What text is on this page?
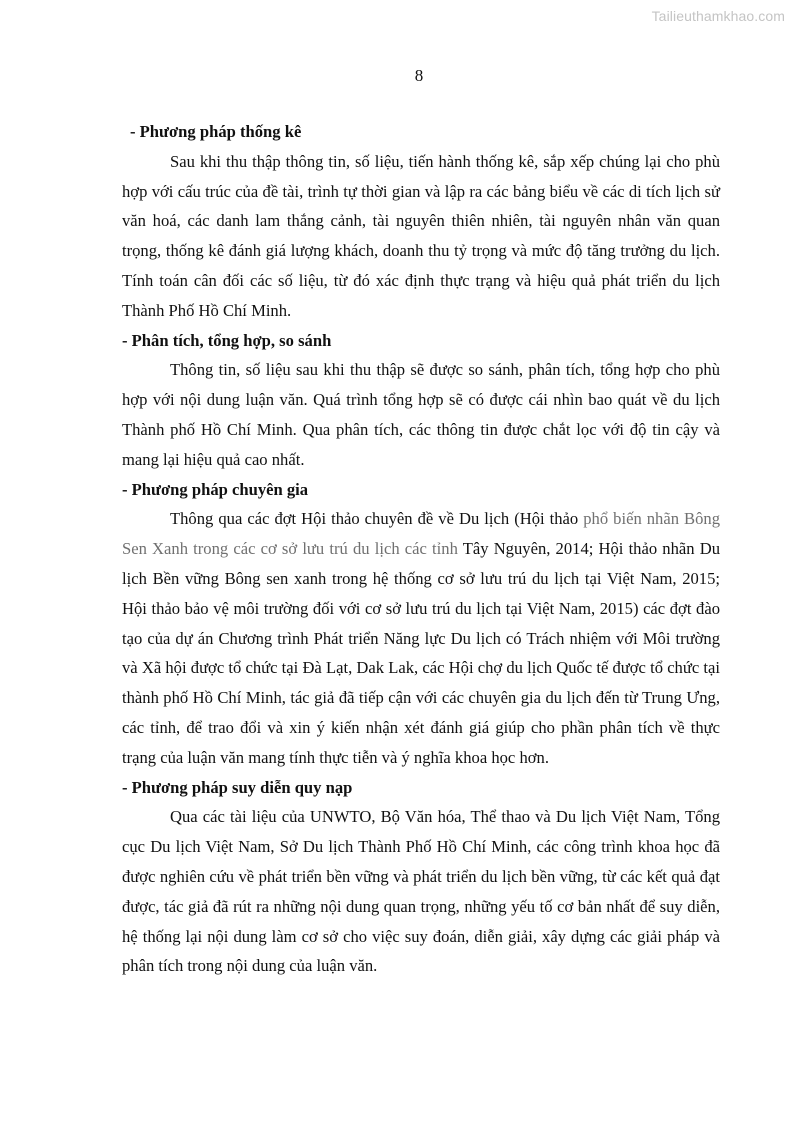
Tailieuthamkhao.com
8

- Phương pháp thống kê

Sau khi thu thập thông tin, số liệu, tiến hành thống kê, sắp xếp chúng lại cho phù hợp với cấu trúc của đề tài, trình tự thời gian và lập ra các bảng biểu về các di tích lịch sử văn hoá, các danh lam thắng cảnh, tài nguyên thiên nhiên, tài nguyên nhân văn quan trọng, thống kê đánh giá lượng khách, doanh thu tỷ trọng và mức độ tăng trưởng du lịch. Tính toán cân đối các số liệu, từ đó xác định thực trạng và hiệu quả phát triển du lịch Thành Phố Hồ Chí Minh.

- Phân tích, tổng hợp, so sánh

Thông tin, số liệu sau khi thu thập sẽ được so sánh, phân tích, tổng hợp cho phù hợp với nội dung luận văn. Quá trình tổng hợp sẽ có được cái nhìn bao quát về du lịch Thành phố Hồ Chí Minh. Qua phân tích, các thông tin được chắt lọc với độ tin cậy và mang lại hiệu quả cao nhất.

- Phương pháp chuyên gia

Thông qua các đợt Hội thảo chuyên đề về Du lịch (Hội thảo phổ biến nhãn Bông Sen Xanh trong các cơ sở lưu trú du lịch các tỉnh Tây Nguyên, 2014; Hội thảo nhãn Du lịch Bền vững Bông sen xanh trong hệ thống cơ sở lưu trú du lịch tại Việt Nam, 2015; Hội thảo bảo vệ môi trường đối với cơ sở lưu trú du lịch tại Việt Nam, 2015) các đợt đào tạo của dự án Chương trình Phát triển Năng lực Du lịch có Trách nhiệm với Môi trường và Xã hội được tổ chức tại Đà Lạt, Dak Lak, các Hội chợ du lịch Quốc tế được tổ chức tại thành phố Hồ Chí Minh, tác giả đã tiếp cận với các chuyên gia du lịch đến từ Trung Ưng, các tỉnh, để trao đổi và xin ý kiến nhận xét đánh giá giúp cho phần phân tích về thực trạng của luận văn mang tính thực tiễn và ý nghĩa khoa học hơn.

- Phương pháp suy diễn quy nạp

Qua các tài liệu của UNWTO, Bộ Văn hóa, Thể thao và Du lịch Việt Nam, Tổng cục Du lịch Việt Nam, Sở Du lịch Thành Phố Hồ Chí Minh, các công trình khoa học đã được nghiên cứu về phát triển bền vững và phát triển du lịch bền vững, từ các kết quả đạt được, tác giả đã rút ra những nội dung quan trọng, những yếu tố cơ bản nhất để suy diễn, hệ thống lại nội dung làm cơ sở cho việc suy đoán, diễn giải, xây dựng các giải pháp và phân tích trong nội dung của luận văn.
